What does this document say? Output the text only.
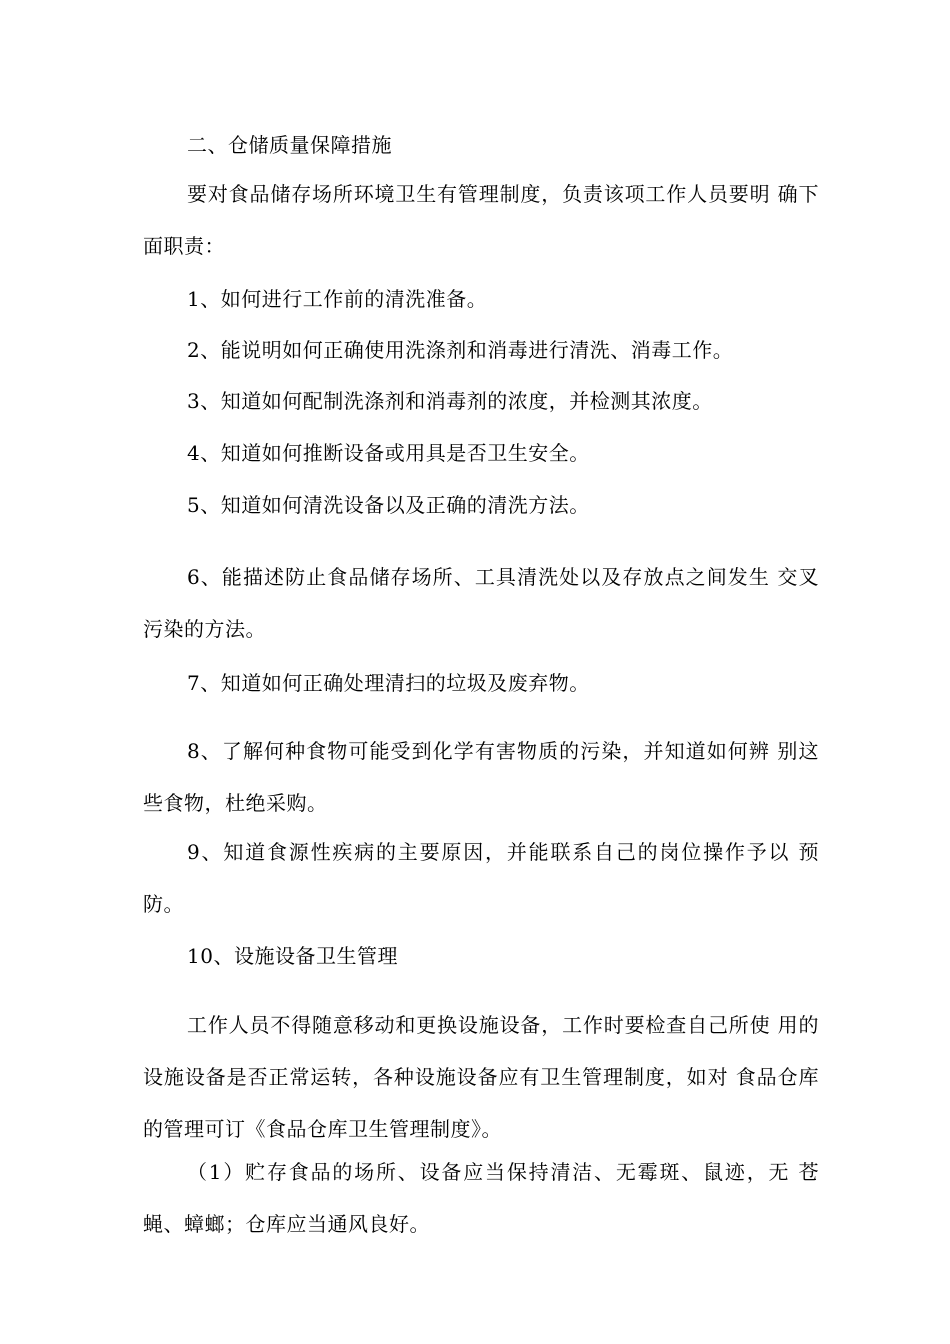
二、仓储质量保障措施

要对食品储存场所环境卫生有管理制度，负责该项工作人员要明 确下面职责：

1、如何进行工作前的清洗准备。

2、能说明如何正确使用洗涤剂和消毒进行清洗、消毒工作。

3、知道如何配制洗涤剂和消毒剂的浓度，并检测其浓度。

4、知道如何推断设备或用具是否卫生安全。

5、知道如何清洗设备以及正确的清洗方法。

6、能描述防止食品储存场所、工具清洗处以及存放点之间发生 交叉污染的方法。

7、知道如何正确处理清扫的垃圾及废弃物。

8、了解何种食物可能受到化学有害物质的污染，并知道如何辨 别这些食物，杜绝采购。

9、知道食源性疾病的主要原因，并能联系自己的岗位操作予以 预防。

10、设施设备卫生管理

工作人员不得随意移动和更换设施设备，工作时要检查自己所使 用的设施设备是否正常运转，各种设施设备应有卫生管理制度，如对 食品仓库的管理可订《食品仓库卫生管理制度》。

（1）贮存食品的场所、设备应当保持清洁、无霉斑、鼠迹，无 苍蝇、蟑螂；仓库应当通风良好。
